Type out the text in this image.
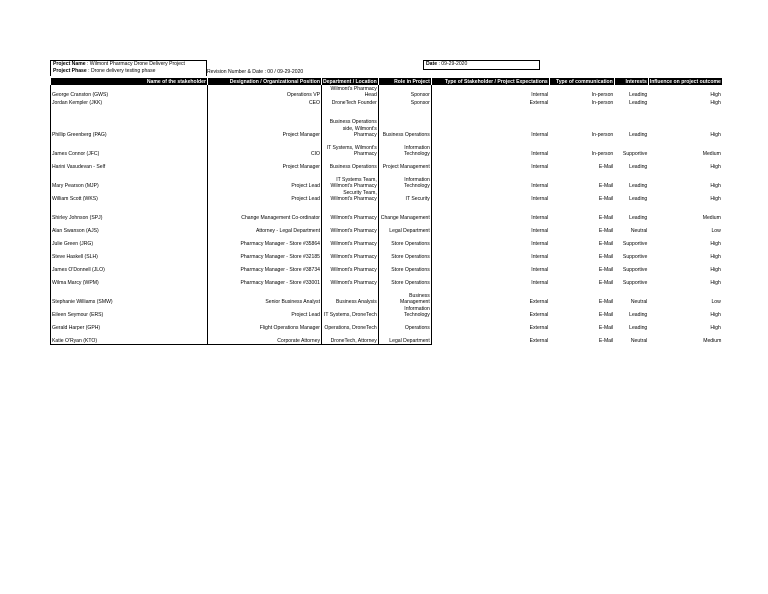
Project Name : Wilmont Pharmacy Drone Delivery Project
Project Phase : Drone delivery testing phase	Revision Number & Date : 00 / 09-29-2020
Date : 09-29-2020
Name of the stakeholder	Designation / Organizational Position	Department / Location	Role in Project	Type of Stakeholder / Project Expectations	Type of communication	Interests	Influence on project outcome
George Cranston (GWS)	Operations VP	Wilmont's Pharmacy Head	Sponsor	Internal	In-person	Leading	High
Jordan Kempler (JKK)	CEO	DroneTech Founder	Sponsor	External	In-person	Leading	High
Phillip Greenberg (PAG)	Project Manager	Business Operations side, Wilmont's Pharmacy	Business Operations	Internal	In-person	Leading	High
James Connor (JFC)	CIO	IT Systems, Wilmont's Pharmacy	Information Technology	Internal	In-person	Supportive	Medium
Harini Vasudevan - Self	Project Manager	Business Operations	Project Management	Internal	E-Mail	Leading	High
Mary Pearson (MJP)	Project Lead	IT Systems Team, Wilmont's Pharmacy	Information Technology	Internal	E-Mail	Leading	High
William Scott (WKS)	Project Lead	Security Team, Wilmont's Pharmacy	IT Security	Internal	E-Mail	Leading	High
Shirley Johnson (SPJ)	Change Management Co-ordinator	Wilmont's Pharmacy	Change Management	Internal	E-Mail	Leading	Medium
Alan Swanson (AJS)	Attorney - Legal Department	Wilmont's Pharmacy	Legal Department	Internal	E-Mail	Neutral	Low
Julie Green (JRG)	Pharmacy Manager - Store #35864	Wilmont's Pharmacy	Store Operations	Internal	E-Mail	Supportive	High
Steve Haskell (SLH)	Pharmacy Manager - Store #32185	Wilmont's Pharmacy	Store Operations	Internal	E-Mail	Supportive	High
James O'Donnell (JLO)	Pharmacy Manager - Store #38734	Wilmont's Pharmacy	Store Operations	Internal	E-Mail	Supportive	High
Wilma Marcy (WPM)	Pharmacy Manager - Store #33001	Wilmont's Pharmacy	Store Operations	Internal	E-Mail	Supportive	High
Stephanie Williams (SMW)	Senior Business Analyst	Business Analysis	Business Management	External	E-Mail	Neutral	Low
Eileen Seymour (ERS)	Project Lead	IT Systems, DroneTech	Information Technology	External	E-Mail	Leading	High
Gerald Harper (GPH)	Flight Operations Manager	Operations, DroneTech	Operations	External	E-Mail	Leading	High
Katie O'Ryan (KTO)	Corporate Attorney	DroneTech, Attorney	Legal Department	External	E-Mail	Neutral	Medium
